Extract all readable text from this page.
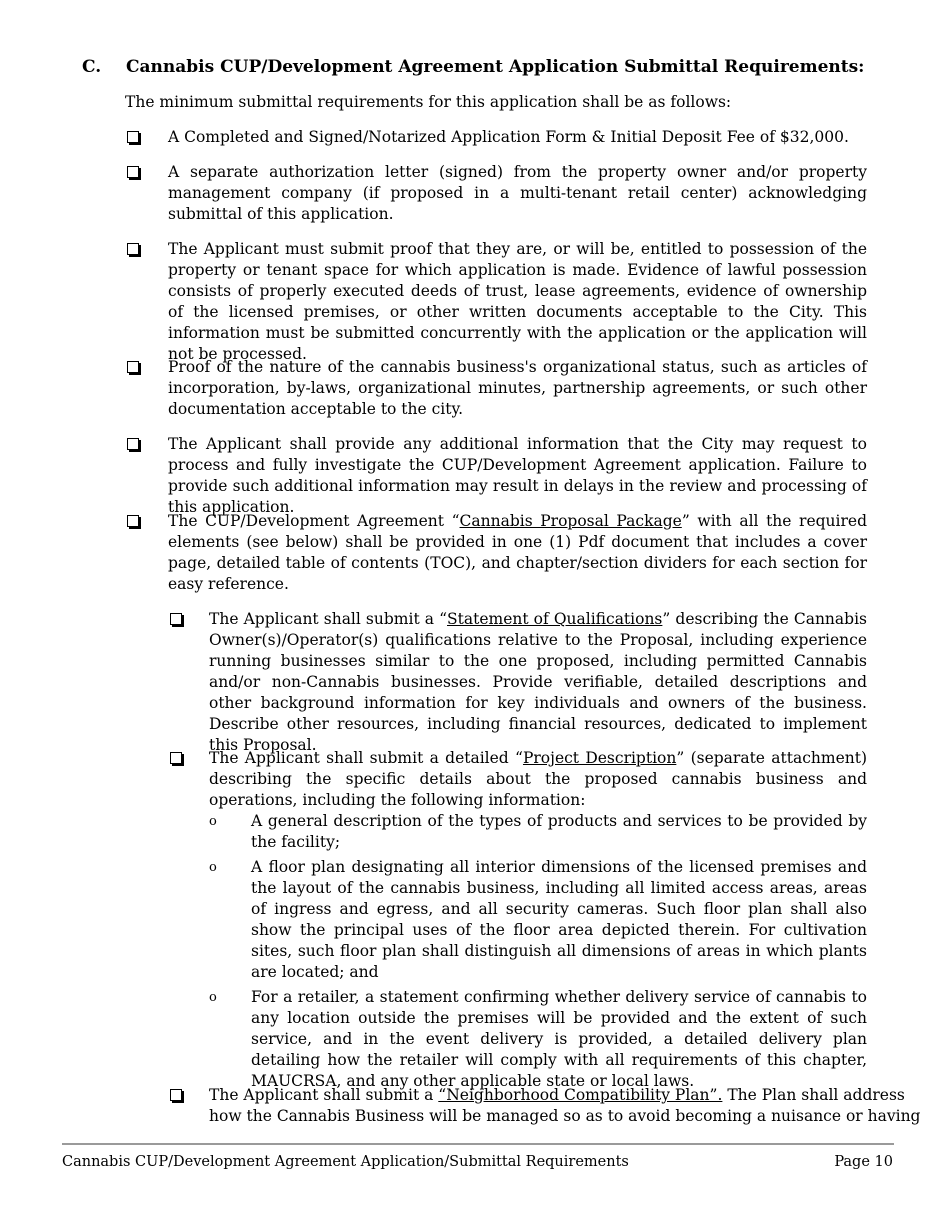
C. Cannabis CUP/Development Agreement Application Submittal Requirements:
The minimum submittal requirements for this application shall be as follows:
A Completed and Signed/Notarized Application Form & Initial Deposit Fee of $32,000.
A separate authorization letter (signed) from the property owner and/or property management company (if proposed in a multi-tenant retail center) acknowledging submittal of this application.
The Applicant must submit proof that they are, or will be, entitled to possession of the property or tenant space for which application is made. Evidence of lawful possession consists of properly executed deeds of trust, lease agreements, evidence of ownership of the licensed premises, or other written documents acceptable to the City. This information must be submitted concurrently with the application or the application will not be processed.
Proof of the nature of the cannabis business's organizational status, such as articles of incorporation, by-laws, organizational minutes, partnership agreements, or such other documentation acceptable to the city.
The Applicant shall provide any additional information that the City may request to process and fully investigate the CUP/Development Agreement application. Failure to provide such additional information may result in delays in the review and processing of this application.
The CUP/Development Agreement “Cannabis Proposal Package” with all the required elements (see below) shall be provided in one (1) Pdf document that includes a cover page, detailed table of contents (TOC), and chapter/section dividers for each section for easy reference.
The Applicant shall submit a “Statement of Qualifications” describing the Cannabis Owner(s)/Operator(s) qualifications relative to the Proposal, including experience running businesses similar to the one proposed, including permitted Cannabis and/or non-Cannabis businesses. Provide verifiable, detailed descriptions and other background information for key individuals and owners of the business. Describe other resources, including financial resources, dedicated to implement this Proposal.
The Applicant shall submit a detailed “Project Description” (separate attachment) describing the specific details about the proposed cannabis business and operations, including the following information:
o A general description of the types of products and services to be provided by the facility;
o A floor plan designating all interior dimensions of the licensed premises and the layout of the cannabis business, including all limited access areas, areas of ingress and egress, and all security cameras. Such floor plan shall also show the principal uses of the floor area depicted therein. For cultivation sites, such floor plan shall distinguish all dimensions of areas in which plants are located; and
o For a retailer, a statement confirming whether delivery service of cannabis to any location outside the premises will be provided and the extent of such service, and in the event delivery is provided, a detailed delivery plan detailing how the retailer will comply with all requirements of this chapter, MAUCRSA, and any other applicable state or local laws.
The Applicant shall submit a “Neighborhood Compatibility Plan”. The Plan shall address
how the Cannabis Business will be managed so as to avoid becoming a nuisance or having
Cannabis CUP/Development Agreement Application/Submittal Requirements	Page 10
